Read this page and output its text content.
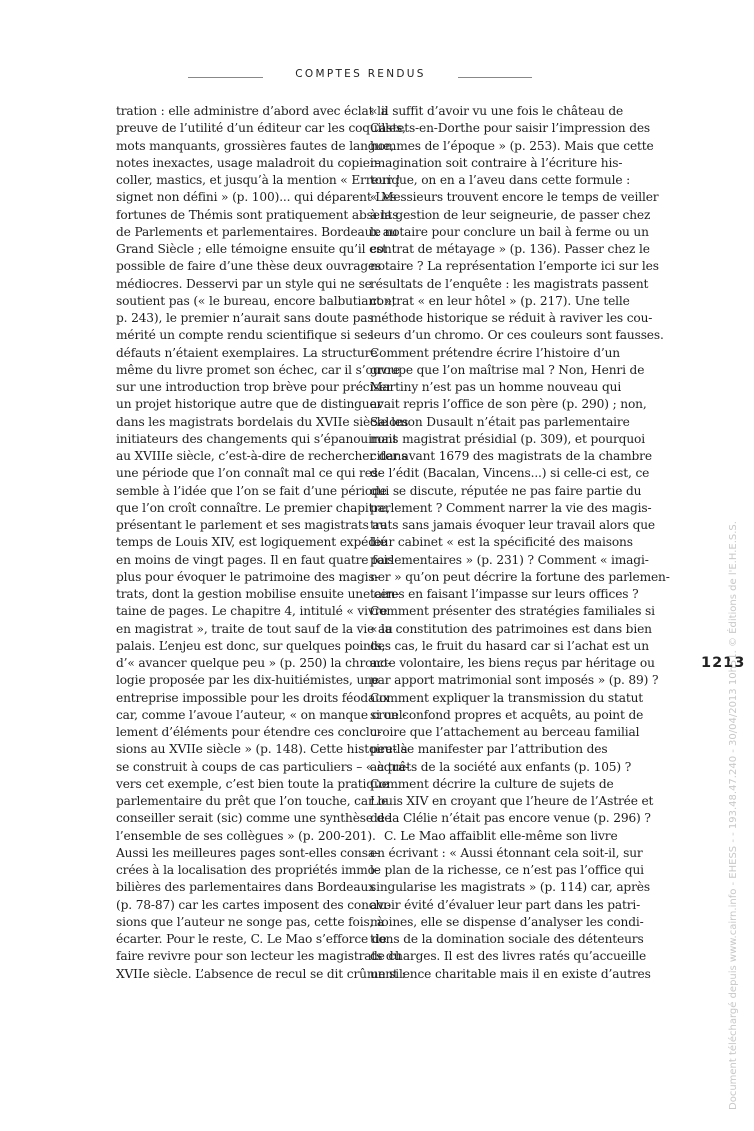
COMPTES RENDUS

tration : elle administre d’abord avec éclat la
preuve de l’utilité d’un éditeur car les coquilles,
mots manquants, grossières fautes de langue,
notes inexactes, usage maladroit du copier-
coller, mastics, et jusqu’à la mention « Erreur !
signet non défini » (p. 100)... qui déparent Les
fortunes de Thémis sont pratiquement absents
de Parlements et parlementaires. Bordeaux au
Grand Siècle ; elle témoigne ensuite qu’il est
possible de faire d’une thèse deux ouvrages
médiocres. Desservi par un style qui ne se
soutient pas (« le bureau, encore balbutiant »,
p. 243), le premier n’aurait sans doute pas
mérité un compte rendu scientifique si ses
défauts n’étaient exemplaires. La structure
même du livre promet son échec, car il s’ouvre
sur une introduction trop brève pour préciser
un projet historique autre que de distinguer
dans les magistrats bordelais du XVIIe siècle les
initiateurs des changements qui s’épanouiront
au XVIIIe siècle, c’est-à-dire de rechercher dans
une période que l’on connaît mal ce qui res-
semble à l’idée que l’on se fait d’une période
que l’on croît connaître. Le premier chapitre,
présentant le parlement et ses magistrats au
temps de Louis XIV, est logiquement expédié
en moins de vingt pages. Il en faut quatre fois
plus pour évoquer le patrimoine des magis-
trats, dont la gestion mobilise ensuite une cen-
taine de pages. Le chapitre 4, intitulé « vivre
en magistrat », traite de tout sauf de la vie au
palais. L’enjeu est donc, sur quelques points,
d’« avancer quelque peu » (p. 250) la chrono-
logie proposée par les dix-huitiémistes, une
entreprise impossible pour les droits féodaux
car, comme l’avoue l’auteur, « on manque cruel-
lement d’éléments pour étendre ces conclu-
sions au XVIIe siècle » (p. 148). Cette histoire-là
se construit à coups de cas particuliers – « à tra-
vers cet exemple, c’est bien toute la pratique
parlementaire du prêt que l’on touche, car le
conseiller serait (sic) comme une synthèse de
l’ensemble de ses collègues » (p. 200-201).
Aussi les meilleures pages sont-elles consa-
crées à la localisation des propriétés immo-
bilières des parlementaires dans Bordeaux
(p. 78-87) car les cartes imposent des conclu-
sions que l’auteur ne songe pas, cette fois, à
écarter. Pour le reste, C. Le Mao s’efforce de
faire revivre pour son lecteur les magistrats du
XVIIe siècle. L’absence de recul se dit crûment :

« il suffit d’avoir vu une fois le château de
Castets-en-Dorthe pour saisir l’impression des
hommes de l’époque » (p. 253). Mais que cette
imagination soit contraire à l’écriture his-
torique, on en a l’aveu dans cette formule :
« Messieurs trouvent encore le temps de veiller
à la gestion de leur seigneurie, de passer chez
le notaire pour conclure un bail à ferme ou un
contrat de métayage » (p. 136). Passer chez le
notaire ? La représentation l’emporte ici sur les
résultats de l’enquête : les magistrats passent
contrat « en leur hôtel » (p. 217). Une telle
méthode historique se réduit à raviver les cou-
leurs d’un chromo. Or ces couleurs sont fausses.
Comment prétendre écrire l’histoire d’un
groupe que l’on maîtrise mal ? Non, Henri de
Martiny n’est pas un homme nouveau qui
avait repris l’office de son père (p. 290) ; non,
Salomon Dusault n’était pas parlementaire
mais magistrat présidial (p. 309), et pourquoi
citer avant 1679 des magistrats de la chambre
de l’édit (Bacalan, Vincens...) si celle-ci est, ce
qui se discute, réputée ne pas faire partie du
parlement ? Comment narrer la vie des magis-
trats sans jamais évoquer leur travail alors que
leur cabinet « est la spécificité des maisons
parlementaires » (p. 231) ? Comment « imagi-
ner » qu’on peut décrire la fortune des parlemen-
taires en faisant l’impasse sur leurs offices ?
Comment présenter des stratégies familiales si
« la constitution des patrimoines est dans bien
des cas, le fruit du hasard car si l’achat est un
acte volontaire, les biens reçus par héritage ou
par apport matrimonial sont imposés » (p. 89) ?
Comment expliquer la transmission du statut
si on confond propres et acquêts, au point de
croire que l’attachement au berceau familial
peut se manifester par l’attribution des
acquêts de la société aux enfants (p. 105) ?
Comment décrire la culture de sujets de
Louis XIV en croyant que l’heure de l’Astrée et
de la Clélie n’était pas encore venue (p. 296) ?

C. Le Mao affaiblit elle-même son livre
en écrivant : « Aussi étonnant cela soit-il, sur
le plan de la richesse, ce n’est pas l’office qui
singularise les magistrats » (p. 114) car, après
avoir évité d’évaluer leur part dans les patri-
moines, elle se dispense d’analyser les condi-
tions de la domination sociale des détenteurs
de charges. Il est des livres ratés qu’accueille
un silence charitable mais il en existe d’autres

1213
Document téléchargé depuis www.cairn.info - EHESS - - 193.48.47.240 - 30/04/2013 10h51. © Éditions de l'E.H.E.S.S.
